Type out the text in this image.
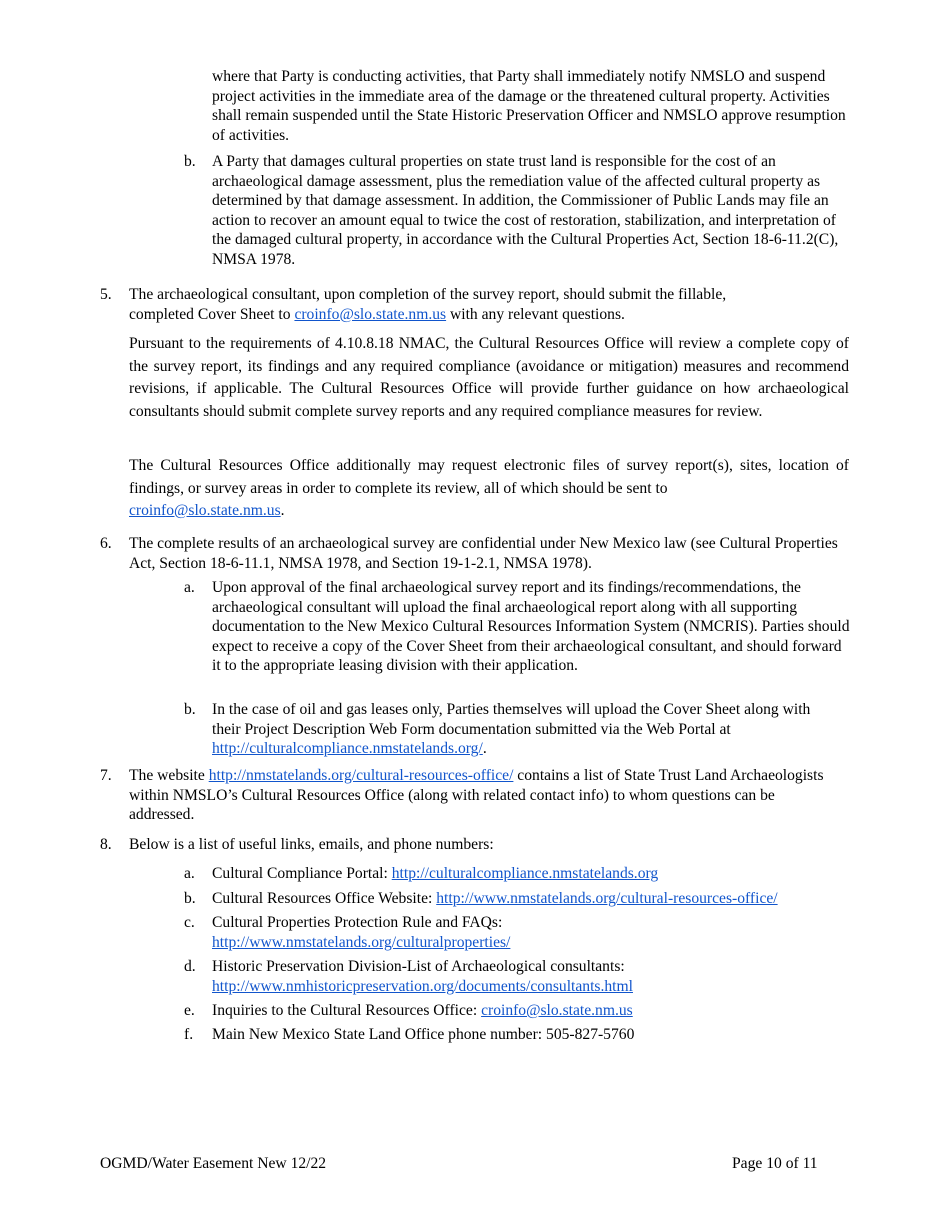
where that Party is conducting activities, that Party shall immediately notify NMSLO and suspend project activities in the immediate area of the damage or the threatened cultural property. Activities shall remain suspended until the State Historic Preservation Officer and NMSLO approve resumption of activities.

b. A Party that damages cultural properties on state trust land is responsible for the cost of an archaeological damage assessment, plus the remediation value of the affected cultural property as determined by that damage assessment. In addition, the Commissioner of Public Lands may file an action to recover an amount equal to twice the cost of restoration, stabilization, and interpretation of the damaged cultural property, in accordance with the Cultural Properties Act, Section 18-6-11.2(C), NMSA 1978.

5. The archaeological consultant, upon completion of the survey report, should submit the fillable,
completed Cover Sheet to croinfo@slo.state.nm.us with any relevant questions.

Pursuant to the requirements of 4.10.8.18 NMAC, the Cultural Resources Office will review a complete copy of the survey report, its findings and any required compliance (avoidance or mitigation) measures and recommend revisions, if applicable. The Cultural Resources Office will provide further guidance on how archaeological consultants should submit complete survey reports and any required compliance measures for review.

The Cultural Resources Office additionally may request electronic files of survey report(s), sites, location of findings, or survey areas in order to complete its review, all of which should be sent to

croinfo@slo.state.nm.us.
6. The complete results of an archaeological survey are confidential under New Mexico law (see Cultural Properties Act, Section 18-6-11.1, NMSA 1978, and Section 19-1-2.1, NMSA 1978).

a. Upon approval of the final archaeological survey report and its findings/recommendations, the archaeological consultant will upload the final archaeological report along with all supporting documentation to the New Mexico Cultural Resources Information System (NMCRIS). Parties should expect to receive a copy of the Cover Sheet from their archaeological consultant, and should forward it to the appropriate leasing division with their application.

b. In the case of oil and gas leases only, Parties themselves will upload the Cover Sheet along with their Project Description Web Form documentation submitted via the Web Portal at

http://culturalcompliance.nmstatelands.org/.
7. The website http://nmstatelands.org/cultural-resources-office/ contains a list of State Trust Land Archaeologists within NMSLO’s Cultural Resources Office (along with related contact info) to whom questions can be addressed.

8. Below is a list of useful links, emails, and phone numbers:

a. Cultural Compliance Portal: http://culturalcompliance.nmstatelands.org
b. Cultural Resources Office Website: http://www.nmstatelands.org/cultural-resources-office/
c. Cultural Properties Protection Rule and FAQs:
http://www.nmstatelands.org/culturalproperties/
d. Historic Preservation Division-List of Archaeological consultants:
http://www.nmhistoricpreservation.org/documents/consultants.html
e. Inquiries to the Cultural Resources Office: croinfo@slo.state.nm.us
f. Main New Mexico State Land Office phone number: 505-827-5760
OGMD/Water Easement New 12/22	Page 10 of 11
